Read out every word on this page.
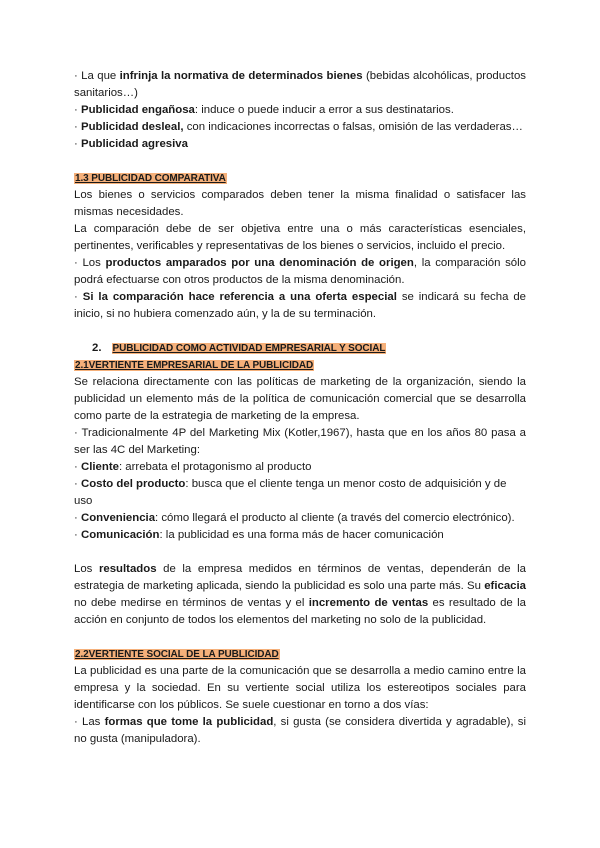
· La que infrinja la normativa de determinados bienes (bebidas alcohólicas, productos sanitarios…)

· Publicidad engañosa: induce o puede inducir a error a sus destinatarios.

· Publicidad desleal, con indicaciones incorrectas o falsas, omisión de las verdaderas…

· Publicidad agresiva

1.3 PUBLICIDAD COMPARATIVA

Los bienes o servicios comparados deben tener la misma finalidad o satisfacer las mismas necesidades.

La comparación debe de ser objetiva entre una o más características esenciales, pertinentes, verificables y representativas de los bienes o servicios, incluido el precio.

· Los productos amparados por una denominación de origen, la comparación sólo podrá efectuarse con otros productos de la misma denominación.

· Si la comparación hace referencia a una oferta especial se indicará su fecha de inicio, si no hubiera comenzado aún, y la de su terminación.

2. PUBLICIDAD COMO ACTIVIDAD EMPRESARIAL Y SOCIAL

2.1VERTIENTE EMPRESARIAL DE LA PUBLICIDAD

Se relaciona directamente con las políticas de marketing de la organización, siendo la publicidad un elemento más de la política de comunicación comercial que se desarrolla como parte de la estrategia de marketing de la empresa.

· Tradicionalmente 4P del Marketing Mix (Kotler,1967), hasta que en los años 80 pasa a ser las 4C del Marketing:

· Cliente: arrebata el protagonismo al producto

· Costo del producto: busca que el cliente tenga un menor costo de adquisición y de uso

· Conveniencia: cómo llegará el producto al cliente (a través del comercio electrónico).

· Comunicación: la publicidad es una forma más de hacer comunicación

Los resultados de la empresa medidos en términos de ventas, dependerán de la estrategia de marketing aplicada, siendo la publicidad es solo una parte más. Su eficacia no debe medirse en términos de ventas y el incremento de ventas es resultado de la acción en conjunto de todos los elementos del marketing no solo de la publicidad.

2.2VERTIENTE SOCIAL DE LA PUBLICIDAD

La publicidad es una parte de la comunicación que se desarrolla a medio camino entre la empresa y la sociedad. En su vertiente social utiliza los estereotipos sociales para identificarse con los públicos. Se suele cuestionar en torno a dos vías:

· Las formas que tome la publicidad, si gusta (se considera divertida y agradable), si no gusta (manipuladora).
